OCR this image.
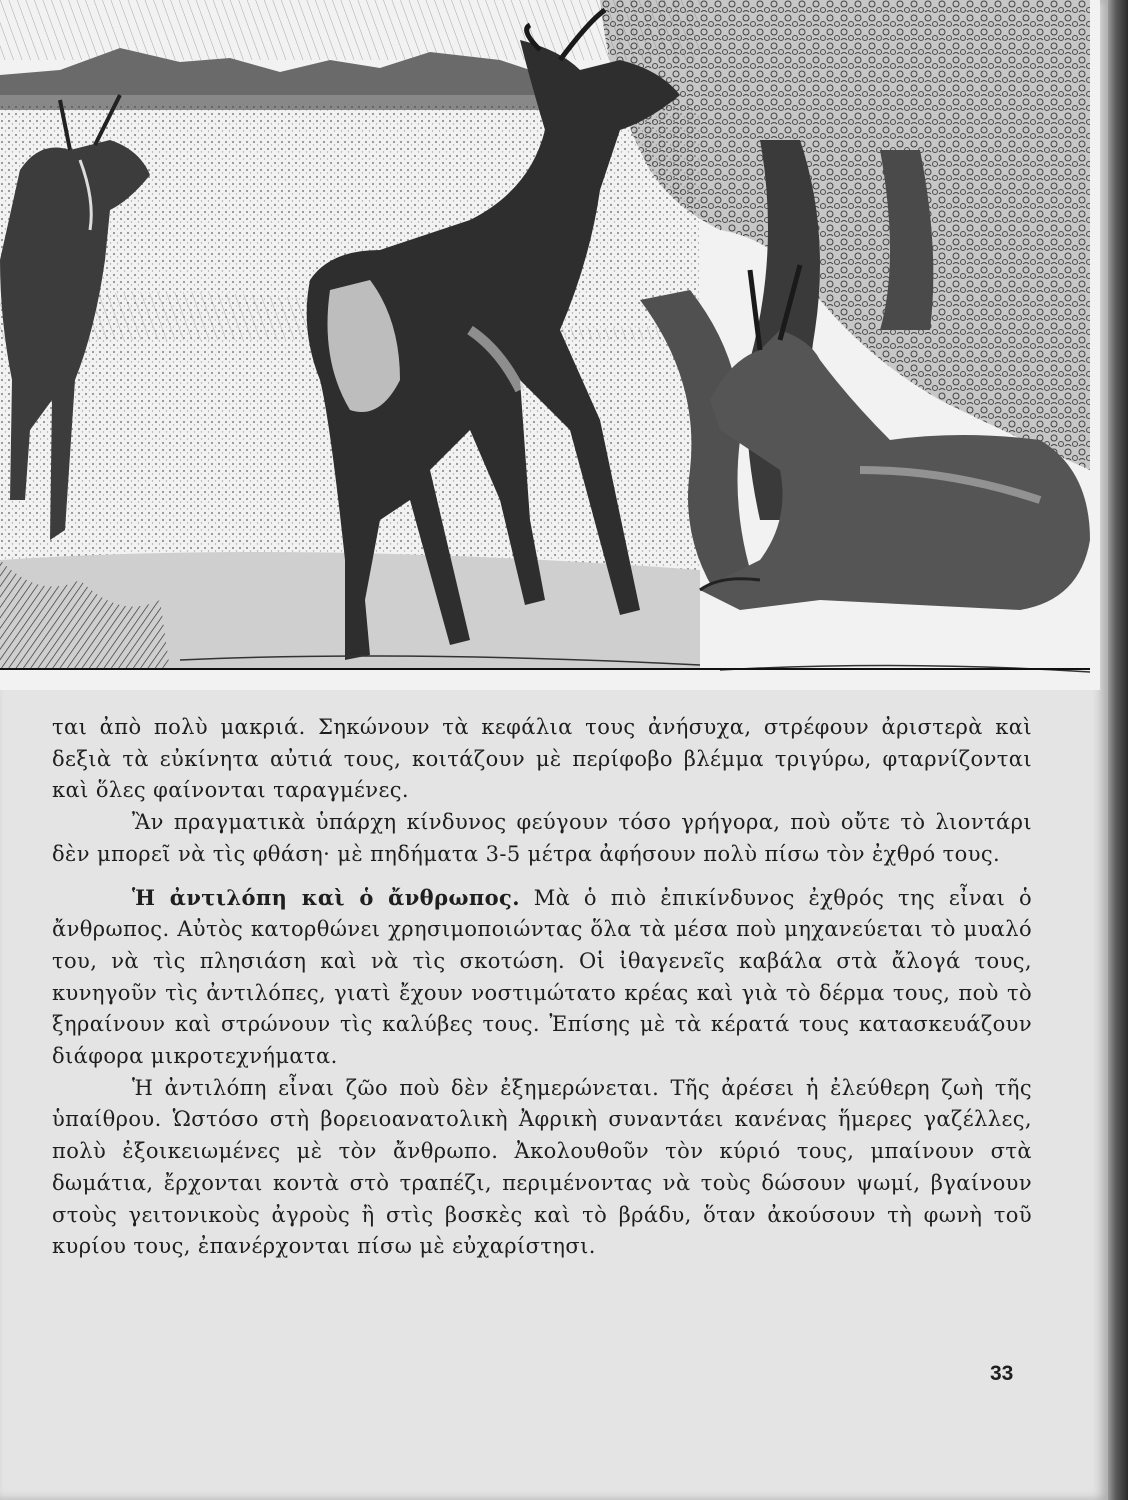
ται ἀπὸ πολὺ μακριά. Σηκώνουν τὰ κεφάλια τους ἀνήσυχα, στρέφουν ἀριστερὰ καὶ δεξιὰ τὰ εὐκίνητα αὐτιά τους, κοιτάζουν μὲ περίφοβο βλέμμα τριγύρω, φταρνίζονται καὶ ὅλες φαίνονται ταραγμένες.

Ἂν πραγματικὰ ὑπάρχη κίνδυνος φεύγουν τόσο γρήγορα, ποὺ οὔτε τὸ λιοντάρι δὲν μπορεῖ νὰ τὶς φθάση· μὲ πηδήματα 3-5 μέτρα ἀφήσουν πολὺ πίσω τὸν ἐχθρό τους.

Ἡ ἀντιλόπη καὶ ὁ ἄνθρωπος. Μὰ ὁ πιὸ ἐπικίνδυνος ἐχθρός της εἶναι ὁ ἄνθρωπος. Αὐτὸς κατορθώνει χρησιμοποιώντας ὅλα τὰ μέσα ποὺ μηχανεύεται τὸ μυαλό του, νὰ τὶς πλησιάση καὶ νὰ τὶς σκοτώση. Οἱ ἰθαγενεῖς καβάλα στὰ ἄλογά τους, κυνηγοῦν τὶς ἀντιλόπες, γιατὶ ἔχουν νοστιμώτατο κρέας καὶ γιὰ τὸ δέρμα τους, ποὺ τὸ ξηραίνουν καὶ στρώνουν τὶς καλύβες τους. Ἐπίσης μὲ τὰ κέρατά τους κατασκευάζουν διάφορα μικροτεχνήματα.

Ἡ ἀντιλόπη εἶναι ζῶο ποὺ δὲν ἐξημερώνεται. Τῆς ἀρέσει ἡ ἐλεύθερη ζωὴ τῆς ὑπαίθρου. Ὡστόσο στὴ βορειοανατολικὴ Ἀφρικὴ συναντάει κανένας ἥμερες γαζέλλες, πολὺ ἐξοικειωμένες μὲ τὸν ἄνθρωπο. Ἀκολουθοῦν τὸν κύριό τους, μπαίνουν στὰ δωμάτια, ἔρχονται κοντὰ στὸ τραπέζι, περιμένοντας νὰ τοὺς δώσουν ψωμί, βγαίνουν στοὺς γειτονικοὺς ἀγροὺς ἢ στὶς βοσκὲς καὶ τὸ βράδυ, ὅταν ἀκούσουν τὴ φωνὴ τοῦ κυρίου τους, ἐπανέρχονται πίσω μὲ εὐχαρίστησι.

33
